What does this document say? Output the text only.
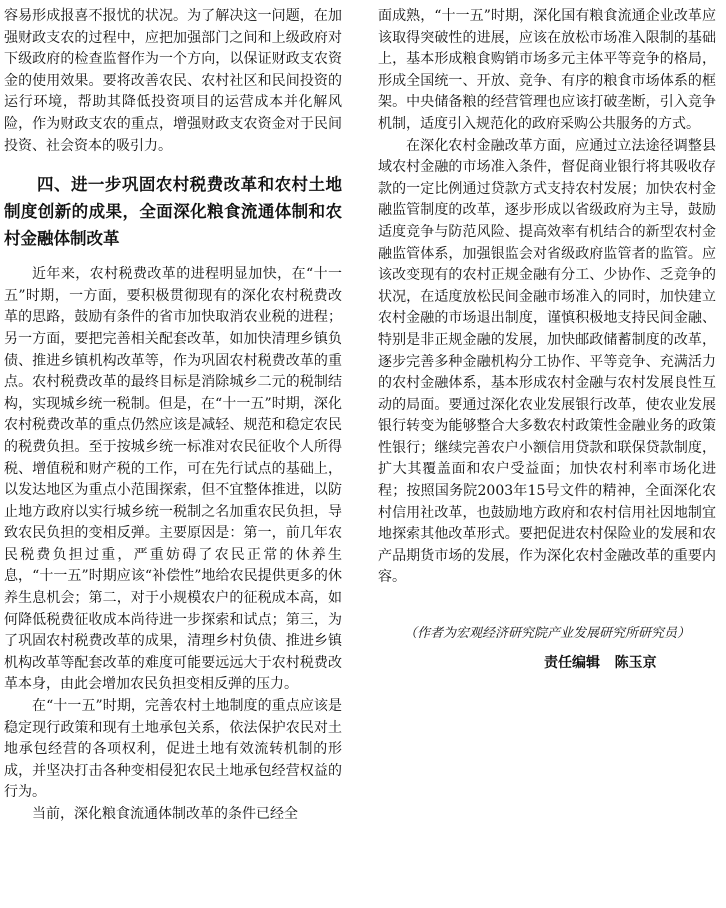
容易形成报喜不报忧的状况。为了解决这一问题，在加强财政支农的过程中，应把加强部门之间和上级政府对下级政府的检查监督作为一个方向，以保证财政支农资金的使用效果。要将改善农民、农村社区和民间投资的运行环境，帮助其降低投资项目的运营成本并化解风险，作为财政支农的重点，增强财政支农资金对于民间投资、社会资本的吸引力。

四、进一步巩固农村税费改革和农村土地制度创新的成果，全面深化粮食流通体制和农村金融体制改革

近年来，农村税费改革的进程明显加快，在“十一五”时期，一方面，要积极贯彻现有的深化农村税费改革的思路，鼓励有条件的省市加快取消农业税的进程；另一方面，要把完善相关配套改革，如加快清理乡镇负债、推进乡镇机构改革等，作为巩固农村税费改革的重点。农村税费改革的最终目标是消除城乡二元的税制结构，实现城乡统一税制。但是，在“十一五”时期，深化农村税费改革的重点仍然应该是减轻、规范和稳定农民的税费负担。至于按城乡统一标准对农民征收个人所得税、增值税和财产税的工作，可在先行试点的基础上，以发达地区为重点小范围探索，但不宜整体推进，以防止地方政府以实行城乡统一税制之名加重农民负担，导致农民负担的变相反弹。主要原因是：第一，前几年农民税费负担过重，严重妨碍了农民正常的休养生息，“十一五”时期应该“补偿性”地给农民提供更多的休养生息机会；第二，对于小规模农户的征税成本高，如何降低税费征收成本尚待进一步探索和试点；第三，为了巩固农村税费改革的成果，清理乡村负债、推进乡镇机构改革等配套改革的难度可能要远远大于农村税费改革本身，由此会增加农民负担变相反弹的压力。

在“十一五”时期，完善农村土地制度的重点应该是稳定现行政策和现有土地承包关系，依法保护农民对土地承包经营的各项权利，促进土地有效流转机制的形成，并坚决打击各种变相侵犯农民土地承包经营权益的行为。

当前，深化粮食流通体制改革的条件已经全

面成熟，“十一五”时期，深化国有粮食流通企业改革应该取得突破性的进展，应该在放松市场准入限制的基础上，基本形成粮食购销市场多元主体平等竞争的格局，形成全国统一、开放、竞争、有序的粮食市场体系的框架。中央储备粮的经营管理也应该打破垄断，引入竞争机制，适度引入规范化的政府采购公共服务的方式。

在深化农村金融改革方面，应通过立法途径调整县域农村金融的市场准入条件，督促商业银行将其吸收存款的一定比例通过贷款方式支持农村发展；加快农村金融监管制度的改革，逐步形成以省级政府为主导，鼓励适度竞争与防范风险、提高效率有机结合的新型农村金融监管体系，加强银监会对省级政府监管者的监管。应该改变现有的农村正规金融有分工、少协作、乏竞争的状况，在适度放松民间金融市场准入的同时，加快建立农村金融的市场退出制度，谨慎积极地支持民间金融、特别是非正规金融的发展，加快邮政储蓄制度的改革，逐步完善多种金融机构分工协作、平等竞争、充满活力的农村金融体系，基本形成农村金融与农村发展良性互动的局面。要通过深化农业发展银行改革，使农业发展银行转变为能够整合大多数农村政策性金融业务的政策性银行；继续完善农户小额信用贷款和联保贷款制度，扩大其覆盖面和农户受益面；加快农村利率市场化进程；按照国务院2003年15号文件的精神，全面深化农村信用社改革，也鼓励地方政府和农村信用社因地制宜地探索其他改革形式。要把促进农村保险业的发展和农产品期货市场的发展，作为深化农村金融改革的重要内容。

（作者为宏观经济研究院产业发展研究所研究员）

责任编辑 陈玉京
